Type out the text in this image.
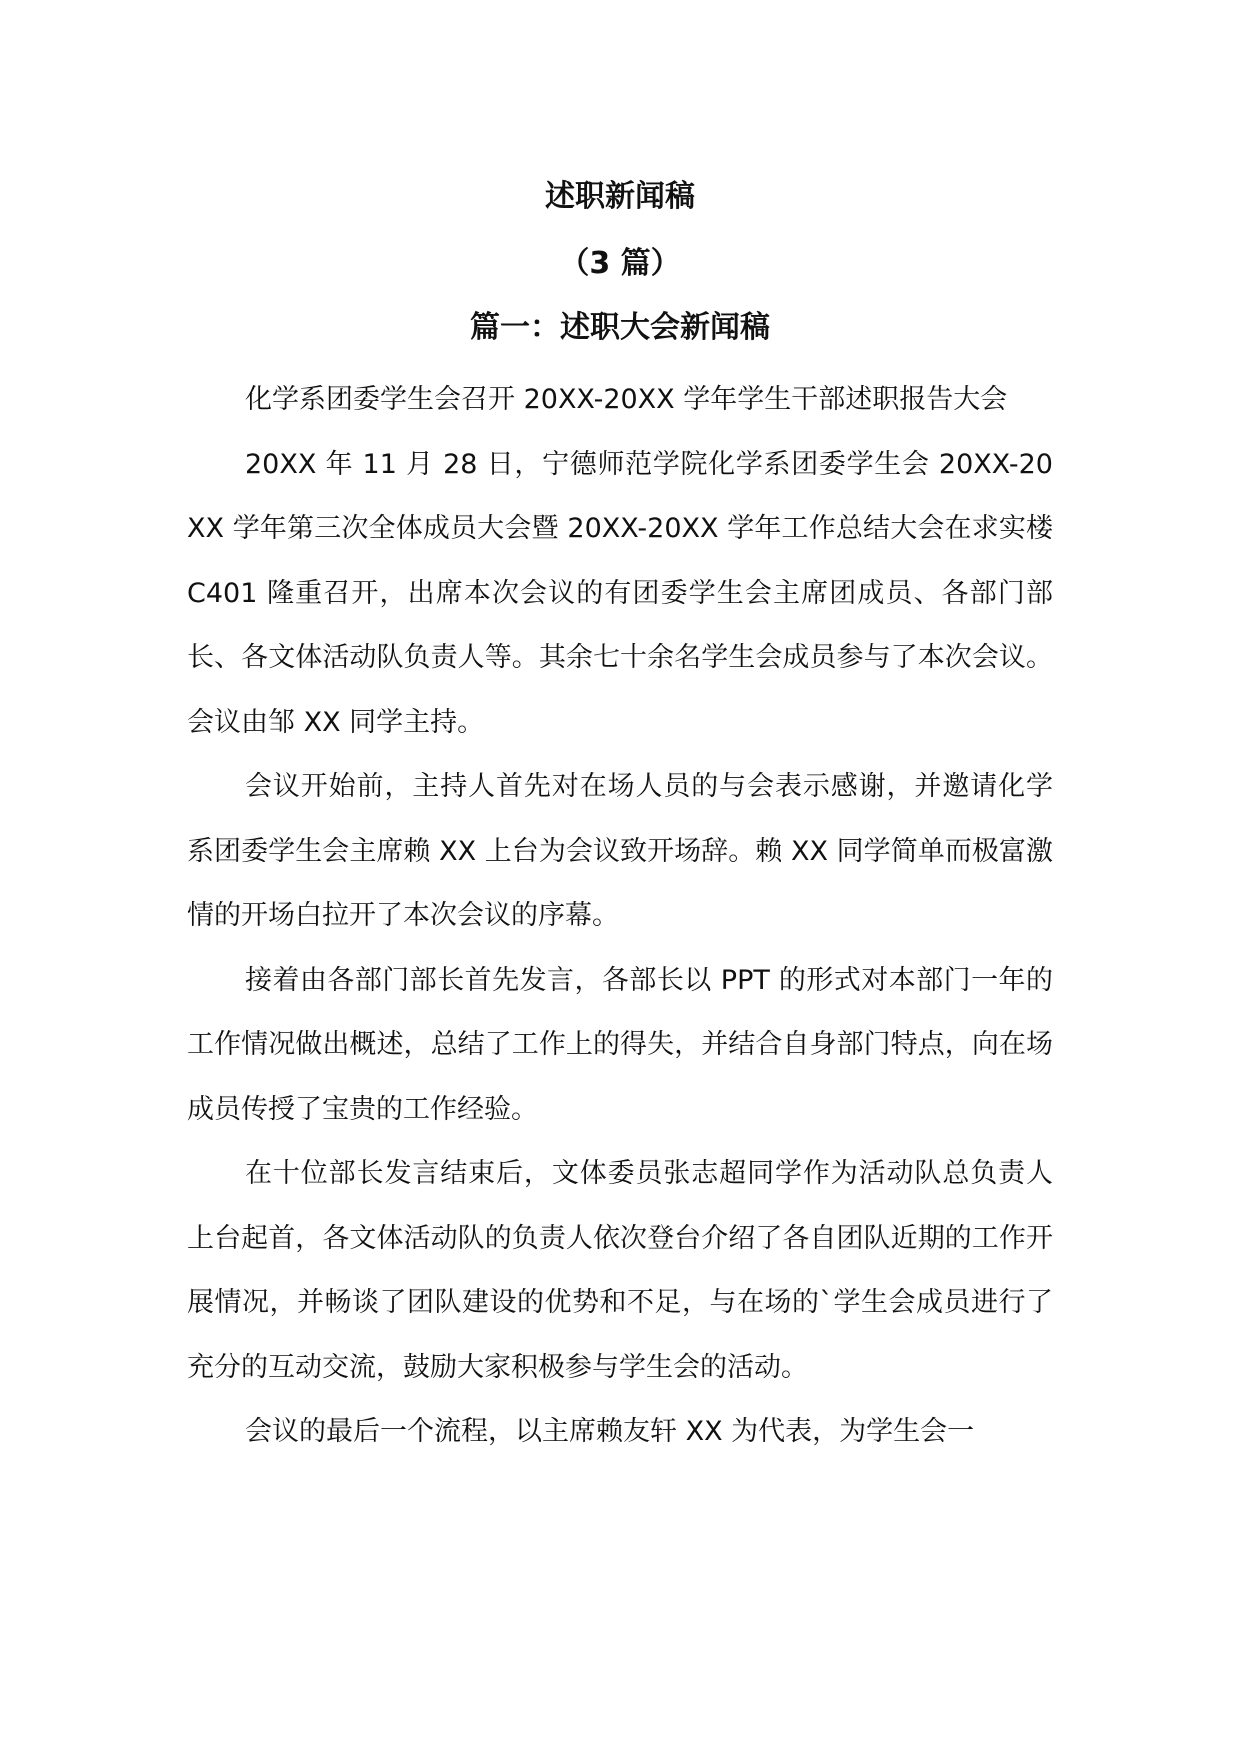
述职新闻稿
（3 篇）
篇一：述职大会新闻稿

化学系团委学生会召开 20XX-20XX 学年学生干部述职报告大会

20XX 年 11 月 28 日，宁德师范学院化学系团委学生会 20XX-20XX 学年第三次全体成员大会暨 20XX-20XX 学年工作总结大会在求实楼 C401 隆重召开，出席本次会议的有团委学生会主席团成员、各部门部长、各文体活动队负责人等。其余七十余名学生会成员参与了本次会议。会议由邹 XX 同学主持。

会议开始前，主持人首先对在场人员的与会表示感谢，并邀请化学系团委学生会主席赖 XX 上台为会议致开场辞。赖 XX 同学简单而极富激情的开场白拉开了本次会议的序幕。

接着由各部门部长首先发言，各部长以 PPT 的形式对本部门一年的工作情况做出概述，总结了工作上的得失，并结合自身部门特点，向在场成员传授了宝贵的工作经验。

在十位部长发言结束后，文体委员张志超同学作为活动队总负责人上台起首，各文体活动队的负责人依次登台介绍了各自团队近期的工作开展情况，并畅谈了团队建设的优势和不足，与在场的`学生会成员进行了充分的互动交流，鼓励大家积极参与学生会的活动。

会议的最后一个流程，以主席赖友轩 XX 为代表，为学生会一
